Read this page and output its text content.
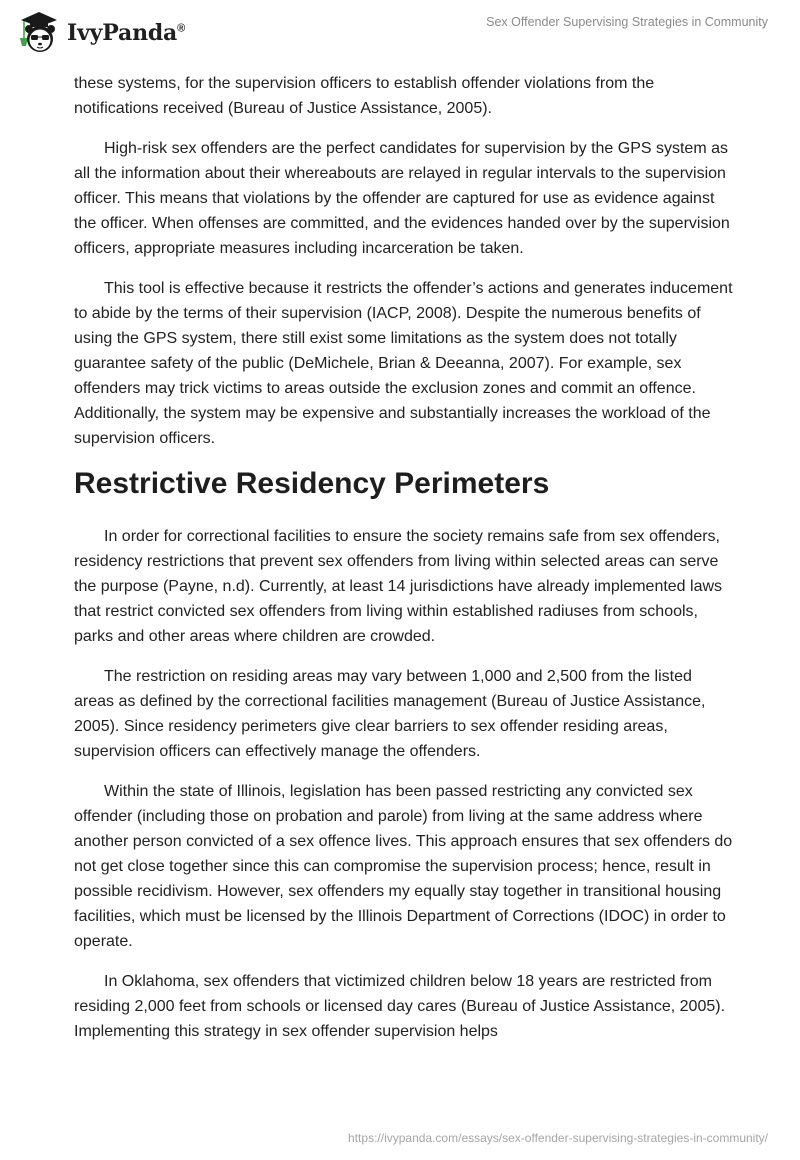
IvyPanda®	Sex Offender Supervising Strategies in Community

these systems, for the supervision officers to establish offender violations from the notifications received (Bureau of Justice Assistance, 2005).

High-risk sex offenders are the perfect candidates for supervision by the GPS system as all the information about their whereabouts are relayed in regular intervals to the supervision officer. This means that violations by the offender are captured for use as evidence against the officer. When offenses are committed, and the evidences handed over by the supervision officers, appropriate measures including incarceration be taken.

This tool is effective because it restricts the offender’s actions and generates inducement to abide by the terms of their supervision (IACP, 2008). Despite the numerous benefits of using the GPS system, there still exist some limitations as the system does not totally guarantee safety of the public (DeMichele, Brian & Deeanna, 2007). For example, sex offenders may trick victims to areas outside the exclusion zones and commit an offence. Additionally, the system may be expensive and substantially increases the workload of the supervision officers.

Restrictive Residency Perimeters

In order for correctional facilities to ensure the society remains safe from sex offenders, residency restrictions that prevent sex offenders from living within selected areas can serve the purpose (Payne, n.d). Currently, at least 14 jurisdictions have already implemented laws that restrict convicted sex offenders from living within established radiuses from schools, parks and other areas where children are crowded.

The restriction on residing areas may vary between 1,000 and 2,500 from the listed areas as defined by the correctional facilities management (Bureau of Justice Assistance, 2005). Since residency perimeters give clear barriers to sex offender residing areas, supervision officers can effectively manage the offenders.

Within the state of Illinois, legislation has been passed restricting any convicted sex offender (including those on probation and parole) from living at the same address where another person convicted of a sex offence lives. This approach ensures that sex offenders do not get close together since this can compromise the supervision process; hence, result in possible recidivism. However, sex offenders my equally stay together in transitional housing facilities, which must be licensed by the Illinois Department of Corrections (IDOC) in order to operate.

In Oklahoma, sex offenders that victimized children below 18 years are restricted from residing 2,000 feet from schools or licensed day cares (Bureau of Justice Assistance, 2005). Implementing this strategy in sex offender supervision helps

https://ivypanda.com/essays/sex-offender-supervising-strategies-in-community/
